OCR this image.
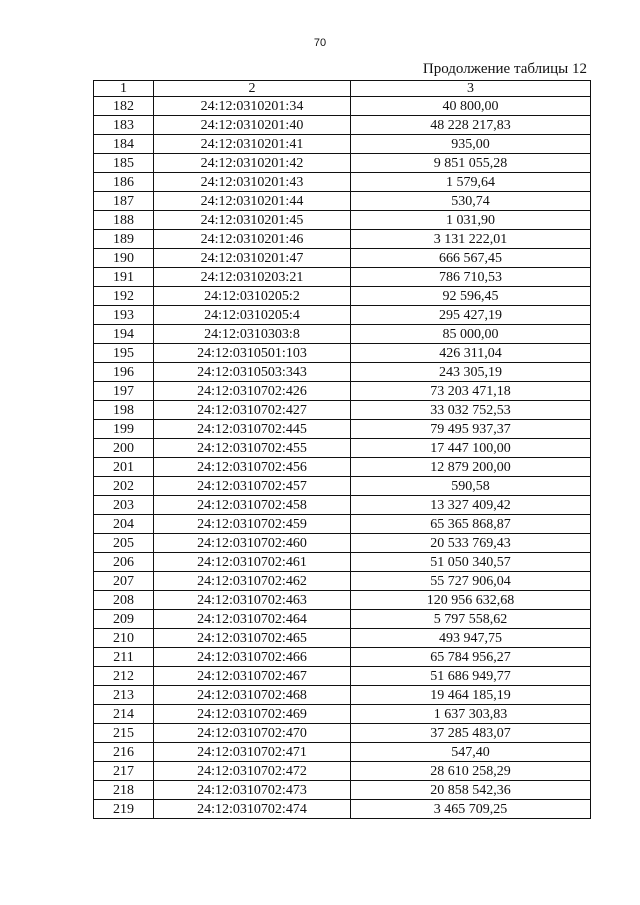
70
Продолжение таблицы 12
1	2	3
182	24:12:0310201:34	40 800,00
183	24:12:0310201:40	48 228 217,83
184	24:12:0310201:41	935,00
185	24:12:0310201:42	9 851 055,28
186	24:12:0310201:43	1 579,64
187	24:12:0310201:44	530,74
188	24:12:0310201:45	1 031,90
189	24:12:0310201:46	3 131 222,01
190	24:12:0310201:47	666 567,45
191	24:12:0310203:21	786 710,53
192	24:12:0310205:2	92 596,45
193	24:12:0310205:4	295 427,19
194	24:12:0310303:8	85 000,00
195	24:12:0310501:103	426 311,04
196	24:12:0310503:343	243 305,19
197	24:12:0310702:426	73 203 471,18
198	24:12:0310702:427	33 032 752,53
199	24:12:0310702:445	79 495 937,37
200	24:12:0310702:455	17 447 100,00
201	24:12:0310702:456	12 879 200,00
202	24:12:0310702:457	590,58
203	24:12:0310702:458	13 327 409,42
204	24:12:0310702:459	65 365 868,87
205	24:12:0310702:460	20 533 769,43
206	24:12:0310702:461	51 050 340,57
207	24:12:0310702:462	55 727 906,04
208	24:12:0310702:463	120 956 632,68
209	24:12:0310702:464	5 797 558,62
210	24:12:0310702:465	493 947,75
211	24:12:0310702:466	65 784 956,27
212	24:12:0310702:467	51 686 949,77
213	24:12:0310702:468	19 464 185,19
214	24:12:0310702:469	1 637 303,83
215	24:12:0310702:470	37 285 483,07
216	24:12:0310702:471	547,40
217	24:12:0310702:472	28 610 258,29
218	24:12:0310702:473	20 858 542,36
219	24:12:0310702:474	3 465 709,25
